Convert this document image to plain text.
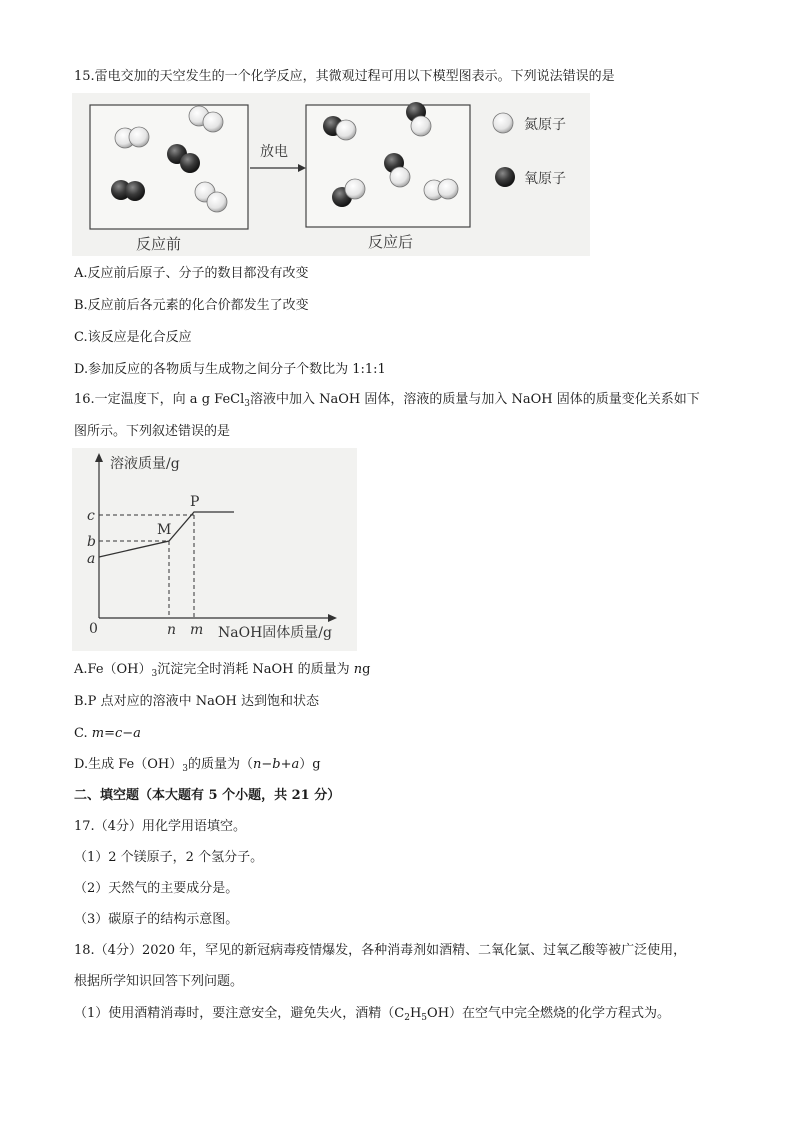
15.雷电交加的天空发生的一个化学反应，其微观过程可用以下模型图表示。下列说法错误的是
放电
反应前	反应后
氮原子
氧原子
A.反应前后原子、分子的数目都没有改变
B.反应前后各元素的化合价都发生了改变
C.该反应是化合反应
D.参加反应的各物质与生成物之间分子个数比为 1:1:1
16.一定温度下，向 a g FeCl$_3$溶液中加入 NaOH 固体，溶液的质量与加入 NaOH 固体的质量变化关系如下
图所示。下列叙述错误的是
溶液质量/g
NaOH固体质量/g
0
c
b
a
n m
M
P
$A.Fe(OH)_3$沉淀完全时消耗 NaOH 的质量为 ng
B.P 点对应的溶液中 NaOH 达到饱和状态
C. m=c−a
D.生成 $Fe(OH)_3$的质量为（n−b+a）g
二、填空题（本大题有 5 个小题，共 21 分）
17.（4分）用化学用语填空。
（1）2 个镁原子，2 个氢分子。
（2）天然气的主要成分是。
（3）碳原子的结构示意图。
18.（4分）2020 年，罕见的新冠病毒疫情爆发，各种消毒剂如酒精、二氧化氯、过氧乙酸等被广泛使用，
根据所学知识回答下列问题。
（1）使用酒精消毒时，要注意安全，避免失火，酒精$(C_2H_5OH)$在空气中完全燃烧的化学方程式为。
